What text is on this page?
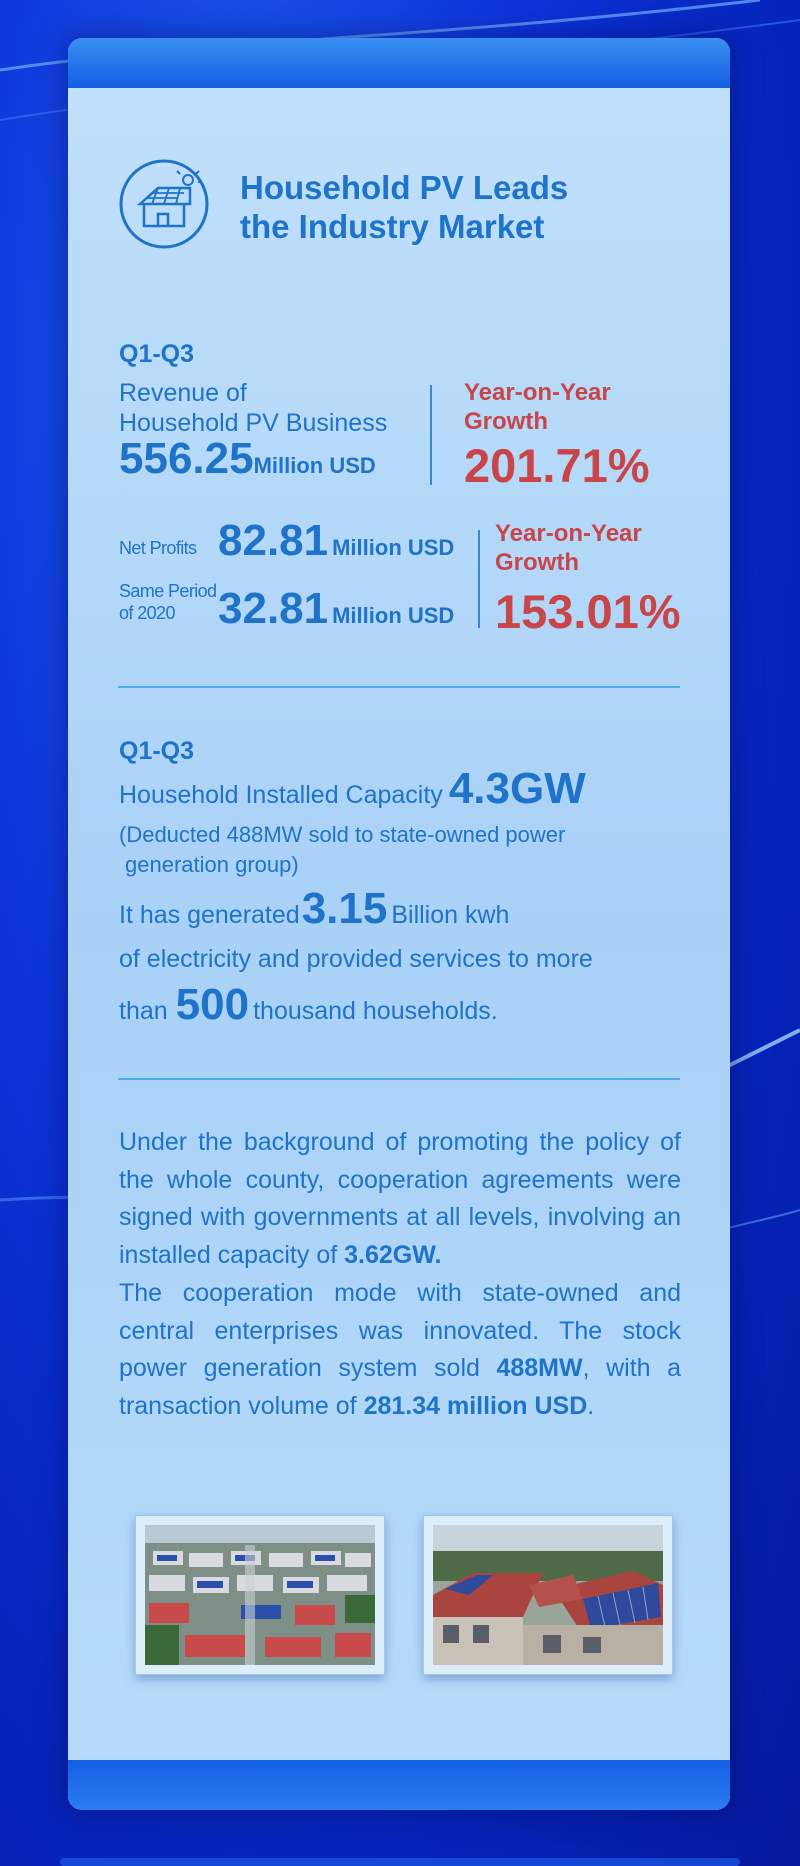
Household PV Leads
the Industry Market
Q1-Q3
Revenue of
Household PV Business
556.25Million USD
Year-on-Year
Growth
201.71%
Net Profits 82.81 Million USD
Same Period
of 2020 32.81 Million USD
Year-on-Year
Growth
153.01%
Q1-Q3
Household Installed Capacity 4.3GW
(Deducted 488MW sold to state-owned power
generation group)
It has generated3.15 Billion kwh
of electricity and provided services to more
than 500 thousand households.
Under the background of promoting the policy of the whole county, cooperation agreements were signed with governments at all levels, involving an installed capacity of 3.62GW.
The cooperation mode with state-owned and central enterprises was innovated. The stock power generation system sold 488MW, with a transaction volume of 281.34 million USD.
